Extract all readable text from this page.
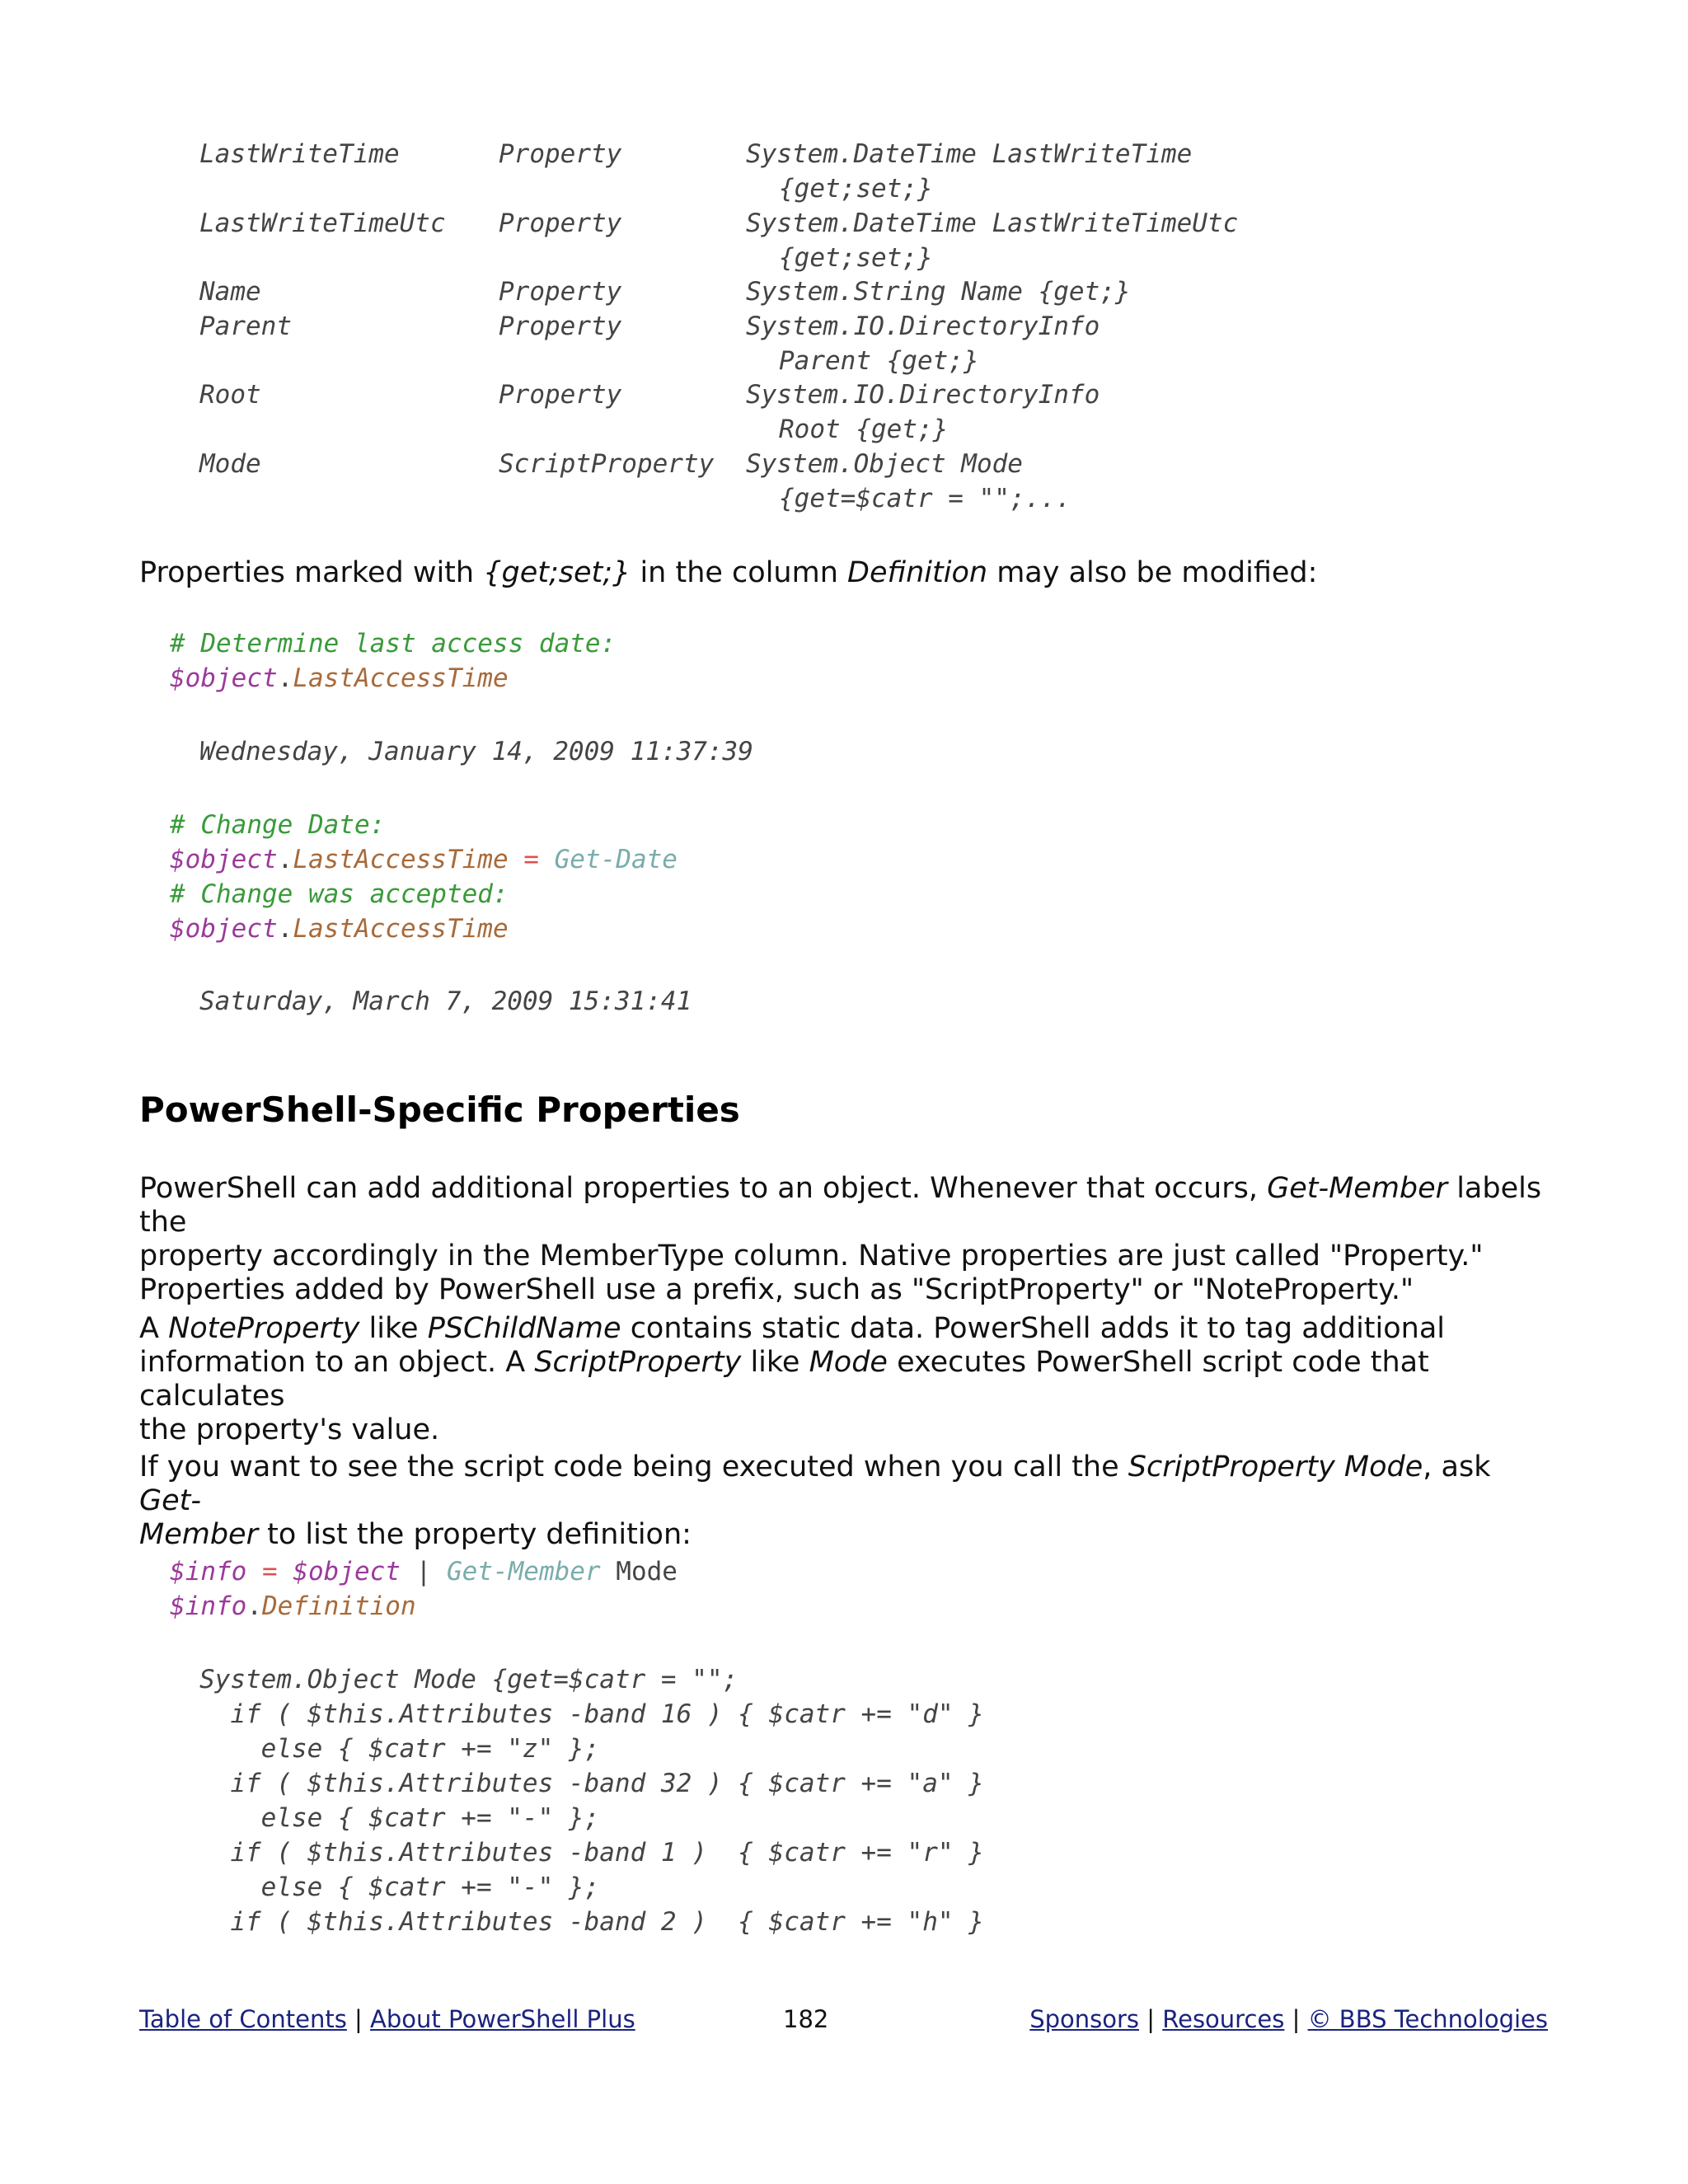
LastWriteTime	Property	System.DateTime LastWriteTime
{get;set;}
LastWriteTimeUtc Property	System.DateTime LastWriteTimeUtc
{get;set;}
Name	Property	System.String Name {get;}
Parent	Property	System.IO.DirectoryInfo
Parent {get;}
Root	Property	System.IO.DirectoryInfo
Root {get;}
Mode	ScriptProperty System.Object Mode
{get=$catr = "";...
Properties marked with {get;set;} in the column Definition may also be modified:
# Determine last access date:
$object.LastAccessTime
Wednesday, January 14, 2009 11:37:39
# Change Date:
$object.LastAccessTime = Get-Date
# Change was accepted:
$object.LastAccessTime
Saturday, March 7, 2009 15:31:41
PowerShell-Specific Properties
PowerShell can add additional properties to an object. Whenever that occurs, Get-Member labels the
property accordingly in the MemberType column. Native properties are just called "Property."
Properties added by PowerShell use a prefix, such as "ScriptProperty" or "NoteProperty."
A NoteProperty like PSChildName contains static data. PowerShell adds it to tag additional
information to an object. A ScriptProperty like Mode executes PowerShell script code that calculates
the property's value.
If you want to see the script code being executed when you call the ScriptProperty Mode, ask Get-
Member to list the property definition:
$info = $object | Get-Member Mode
$info.Definition
System.Object Mode {get=$catr = "";
if ( $this.Attributes -band 16 ) { $catr += "d" }
else { $catr += "z" };
if ( $this.Attributes -band 32 ) { $catr += "a" }
else { $catr += "-" };
if ( $this.Attributes -band 1 )  { $catr += "r" }
else { $catr += "-" };
if ( $this.Attributes -band 2 )  { $catr += "h" }
Table of Contents | About PowerShell Plus	182	Sponsors | Resources | © BBS Technologies
